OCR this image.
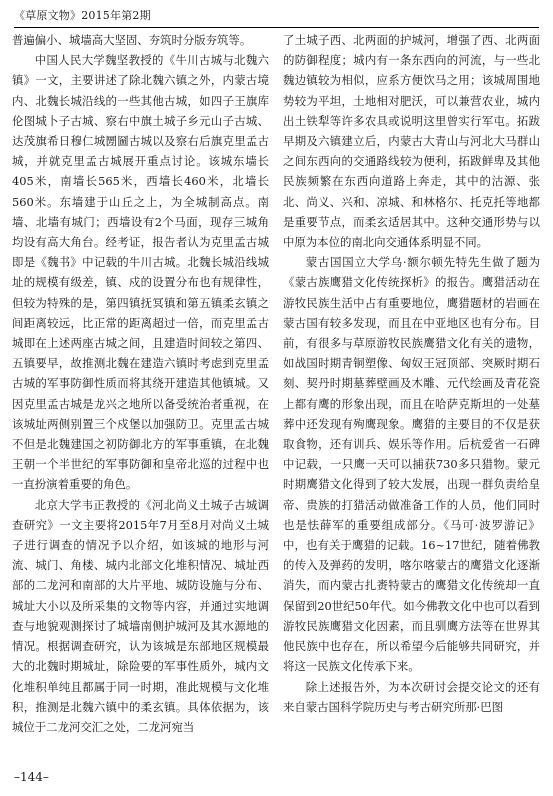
《草原文物》2015年第2期

普遍偏小、城墙高大坚固、夯筑时分版夯筑等。

中国人民大学魏坚教授的《牛川古城与北魏六镇》一文，主要讲述了除北魏六镇之外，内蒙古境内、北魏长城沿线的一些其他古城，如四子王旗库伦图城卜子古城、察右中旗土城子乡元山子古城、达茂旗希日穆仁城圐圙古城以及察右后旗克里孟古城，并就克里孟古城展开重点讨论。该城东墙长405米，南墙长565米，西墙长460米，北墙长560米。东墙建于山丘之上，为全城制高点。南墙、北墙有城门；西墙设有2个马面，现存三城角均设有高大角台。经考证，报告者认为克里孟古城即是《魏书》中记载的牛川古城。北魏长城沿线城址的规模有级差，镇、戍的设置分布也有规律性，但较为特殊的是，第四镇抚冥镇和第五镇柔玄镇之间距离较远，比正常的距离超过一倍，而克里孟古城即在上述两座古城之间，且建造时间较之第四、五镇要早，故推测北魏在建造六镇时考虑到克里孟古城的军事防御性质而将其绕开建造其他镇城。又因克里孟古城是龙兴之地所以备受统治者重视，在该城址两侧别置三个戍堡以加强防卫。克里孟古城不但是北魏建国之初防御北方的军事重镇，在北魏王朝一个半世纪的军事防御和皇帝北巡的过程中也一直扮演着重要的角色。

北京大学韦正教授的《河北尚义土城子古城调查研究》一文主要将2015年7月至8月对尚义土城子进行调查的情况予以介绍，如该城的地形与河流、城门、角楼、城内北部文化堆积情况、城址西部的二龙河和南部的大片平地、城防设施与分布、城址大小以及所采集的文物等内容，并通过实地调查与地貌观测探讨了城墙南侧护城河及其水源地的情况。根据调查研究，认为该城是东部地区规模最大的北魏时期城址，除险要的军事性质外，城内文化堆积单纯且都属于同一时期，准此规模与文化堆积，推测是北魏六镇中的柔玄镇。具体依据为，该城位于二龙河交汇之处，二龙河宛当

了土城子西、北两面的护城河，增强了西、北两面的防御程度；城内有一条东西向的河流，与一些北魏边镇较为相似，应系方便饮马之用；该城周围地势较为平坦，土地相对肥沃，可以兼营农业，城内出土铁犁等许多农具或说明这里曾实行军屯。拓跋早期及六镇建立后，内蒙古大青山与河北大马群山之间东西向的交通路线较为便利，拓跋鲜卑及其他民族频繁在东西向道路上奔走，其中的沽源、张北、尚义、兴和、凉城、和林格尔、托克托等地都是重要节点，而柔玄适居其中。这种交通形势与以中原为本位的南北向交通体系明显不同。

蒙古国国立大学乌·额尔顿先特先生做了题为《蒙古族鹰猎文化传统探析》的报告。鹰猎活动在游牧民族生活中占有重要地位，鹰猎题材的岩画在蒙古国有较多发现，而且在中亚地区也有分布。目前，有很多与草原游牧民族鹰猎文化有关的遗物，如战国时期青铜塑像、匈奴王冠顶部、突厥时期石刻、契丹时期墓葬壁画及木雕、元代绘画及青花瓷上都有鹰的形象出现，而且在哈萨克斯坦的一处墓葬中还发现有殉鹰现象。鹰猎的主要目的不仅是获取食物，还有训兵、娱乐等作用。后杭爱省一石碑中记载，一只鹰一天可以捕获730多只猎物。蒙元时期鹰猎文化得到了较大发展，出现一群负责给皇帝、贵族的打猎活动做准备工作的人员，他们同时也是怯薛军的重要组成部分。《马可·波罗游记》中，也有关于鹰猎的记载。16~17世纪，随着佛教的传入及弹药的发明，喀尔喀蒙古的鹰猎文化逐渐消失，而内蒙古扎赉特蒙古的鹰猎文化传统却一直保留到20世纪50年代。如今佛教文化中也可以看到游牧民族鹰猎文化因素，而且驯鹰方法等在世界其他民族中也存在，所以希望今后能够共同研究，并将这一民族文化传承下来。

除上述报告外，为本次研讨会提交论文的还有来自蒙古国科学院历史与考古研究所那·巴图

–144–
